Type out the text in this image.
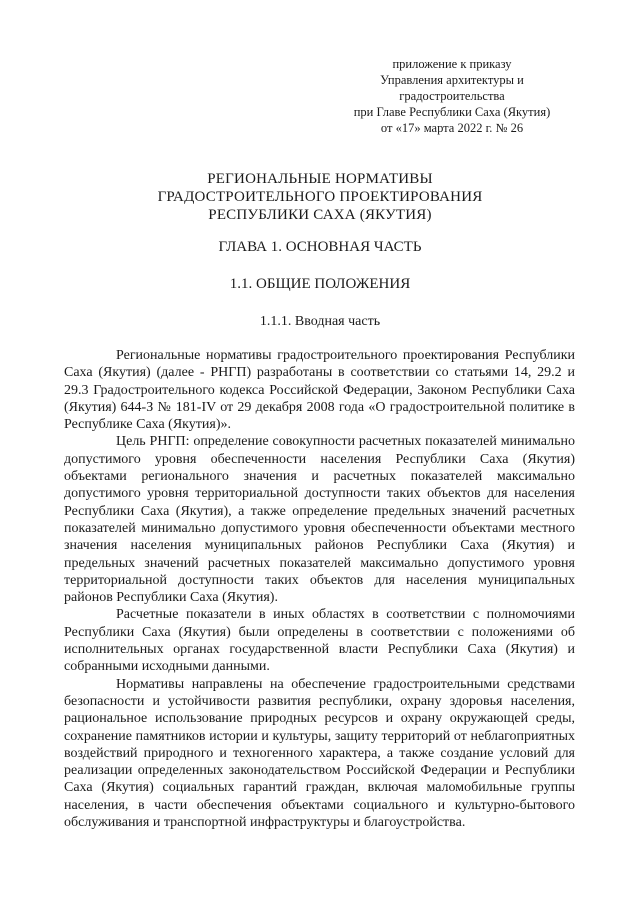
приложение к приказу
Управления архитектуры и
градостроительства
при Главе Республики Саха (Якутия)
от «17» марта 2022 г. № 26
РЕГИОНАЛЬНЫЕ НОРМАТИВЫ
ГРАДОСТРОИТЕЛЬНОГО ПРОЕКТИРОВАНИЯ
РЕСПУБЛИКИ САХА (ЯКУТИЯ)
ГЛАВА 1. ОСНОВНАЯ ЧАСТЬ
1.1. ОБЩИЕ ПОЛОЖЕНИЯ
1.1.1. Вводная часть

Региональные нормативы градостроительного проектирования Республики Саха (Якутия) (далее - РНГП) разработаны в соответствии со статьями 14, 29.2 и 29.3 Градостроительного кодекса Российской Федерации, Законом Республики Саха (Якутия) 644-З № 181-IV от 29 декабря 2008 года «О градостроительной политике в Республике Саха (Якутия)».

Цель РНГП: определение совокупности расчетных показателей минимально допустимого уровня обеспеченности населения Республики Саха (Якутия) объектами регионального значения и расчетных показателей максимально допустимого уровня территориальной доступности таких объектов для населения Республики Саха (Якутия), а также определение предельных значений расчетных показателей минимально допустимого уровня обеспеченности объектами местного значения населения муниципальных районов Республики Саха (Якутия) и предельных значений расчетных показателей максимально допустимого уровня территориальной доступности таких объектов для населения муниципальных районов Республики Саха (Якутия).

Расчетные показатели в иных областях в соответствии с полномочиями Республики Саха (Якутия) были определены в соответствии с положениями об исполнительных органах государственной власти Республики Саха (Якутия) и собранными исходными данными.

Нормативы направлены на обеспечение градостроительными средствами безопасности и устойчивости развития республики, охрану здоровья населения, рациональное использование природных ресурсов и охрану окружающей среды, сохранение памятников истории и культуры, защиту территорий от неблагоприятных воздействий природного и техногенного характера, а также создание условий для реализации определенных законодательством Российской Федерации и Республики Саха (Якутия) социальных гарантий граждан, включая маломобильные группы населения, в части обеспечения объектами социального и культурно-бытового обслуживания и транспортной инфраструктуры и благоустройства.
